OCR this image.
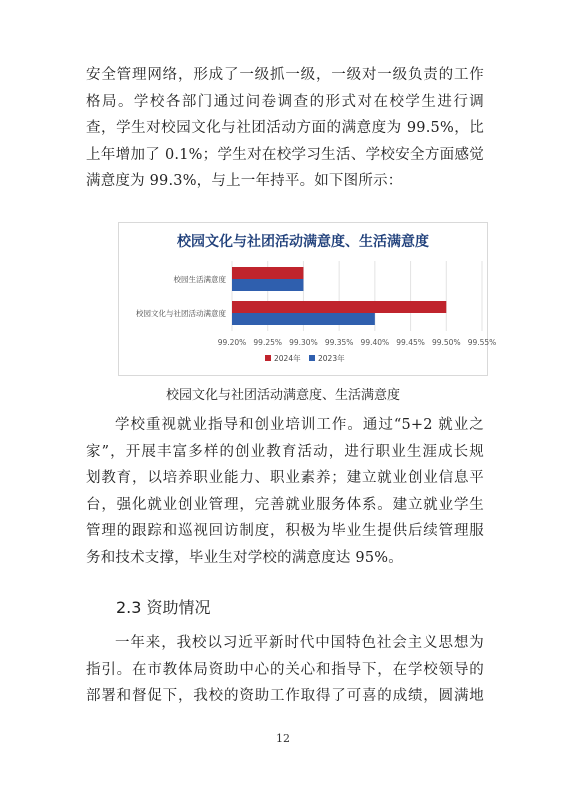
安全管理网络，形成了一级抓一级，一级对一级负责的工作
格局。学校各部门通过问卷调查的形式对在校学生进行调
查，学生对校园文化与社团活动方面的满意度为 99.5%，比
上年增加了 0.1%；学生对在校学习生活、学校安全方面感觉
满意度为 99.3%，与上一年持平。如下图所示：
校园文化与社团活动满意度、生活满意度
校园生活满意度
校园文化与社团活动满意度
99.20% 99.25% 99.30% 99.35% 99.40% 99.45% 99.50% 99.55%
2024年 2023年
校园文化与社团活动满意度、生活满意度
学校重视就业指导和创业培训工作。通过“5+2 就业之
家”，开展丰富多样的创业教育活动，进行职业生涯成长规
划教育，以培养职业能力、职业素养；建立就业创业信息平
台，强化就业创业管理，完善就业服务体系。建立就业学生
管理的跟踪和巡视回访制度，积极为毕业生提供后续管理服
务和技术支撑，毕业生对学校的满意度达 95%。
2.3 资助情况
一年来，我校以习近平新时代中国特色社会主义思想为
指引。在市教体局资助中心的关心和指导下，在学校领导的
部署和督促下，我校的资助工作取得了可喜的成绩，圆满地
12
